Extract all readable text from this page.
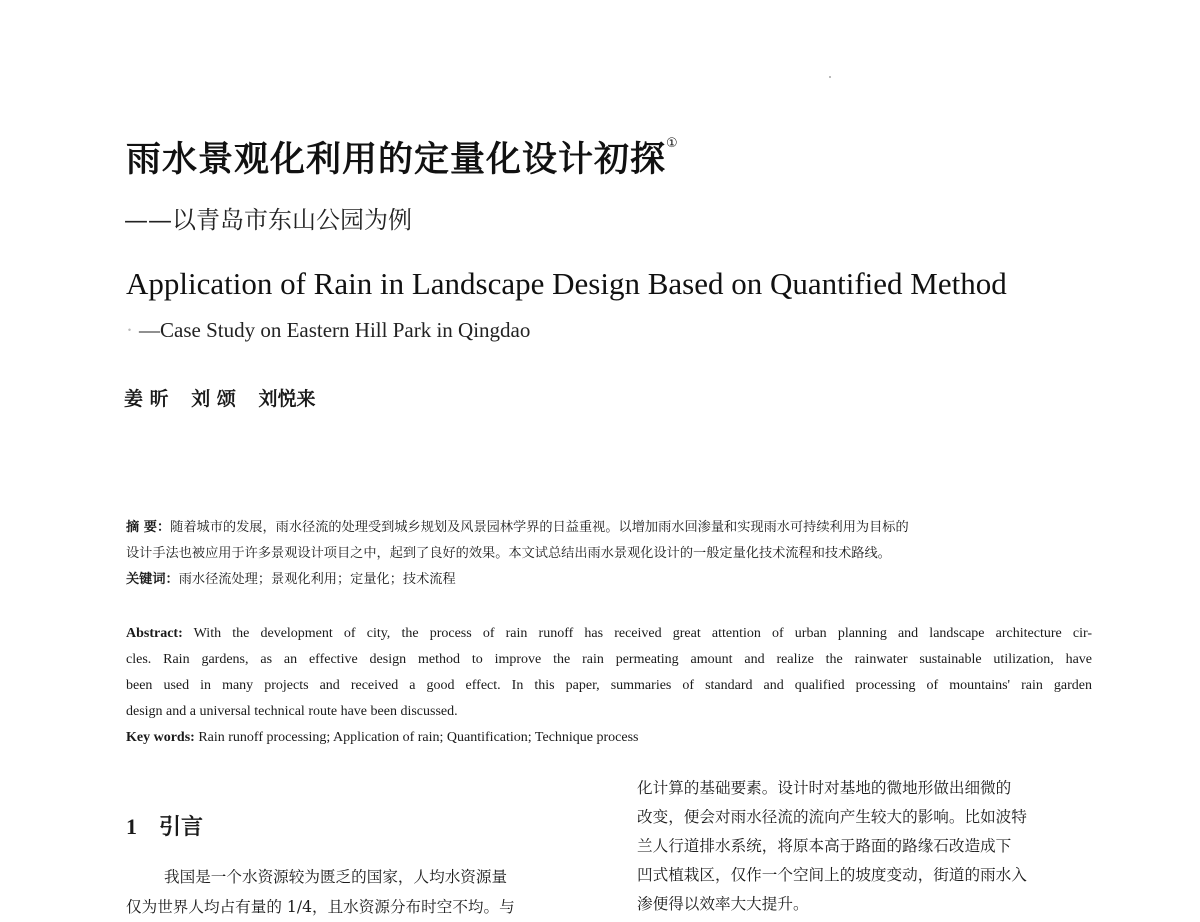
雨水景观化利用的定量化设计初探①
——以青岛市东山公园为例
Application of Rain in Landscape Design Based on Quantified Method
· —Case Study on Eastern Hill Park in Qingdao
姜 昕 刘 颂 刘悦来
摘 要：随着城市的发展，雨水径流的处理受到城乡规划及风景园林学界的日益重视。以增加雨水回渗量和实现雨水可持续利用为目标的
设计手法也被应用于许多景观设计项目之中，起到了良好的效果。本文试总结出雨水景观化设计的一般定量化技术流程和技术路线。
关键词：雨水径流处理；景观化利用；定量化；技术流程
Abstract: With the development of city, the process of rain runoff has received great attention of urban planning and landscape architecture cir-
cles. Rain gardens, as an effective design method to improve the rain permeating amount and realize the rainwater sustainable utilization, have
been used in many projects and received a good effect. In this paper, summaries of standard and qualified processing of mountains' rain garden
design and a universal technical route have been discussed.
Key words: Rain runoff processing; Application of rain; Quantification; Technique process
1 引言
我国是一个水资源较为匮乏的国家，人均水资源量
仅为世界人均占有量的 1/4，且水资源分布时空不均。与
化计算的基础要素。设计时对基地的微地形做出细微的
改变，便会对雨水径流的流向产生较大的影响。比如波特
兰人行道排水系统，将原本高于路面的路缘石改造成下
凹式植栽区，仅作一个空间上的坡度变动，街道的雨水入
渗便得以效率大大提升。
